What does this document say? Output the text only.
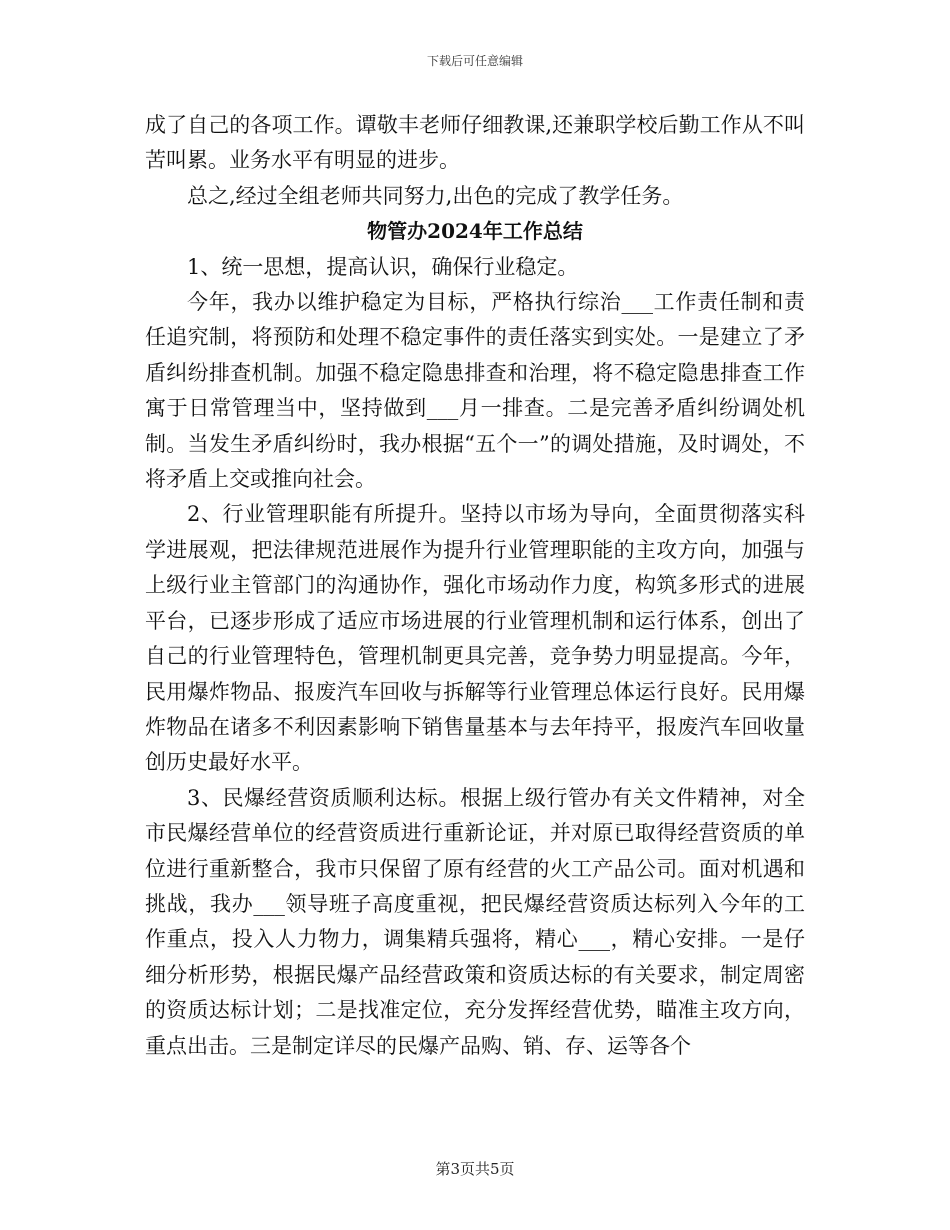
下载后可任意编辑

成了自己的各项工作。谭敬丰老师仔细教课,还兼职学校后勤工作从不叫苦叫累。业务水平有明显的进步。

总之,经过全组老师共同努力,出色的完成了教学任务。

物管办2024年工作总结

1、统一思想，提高认识，确保行业稳定。

今年，我办以维护稳定为目标，严格执行综治___工作责任制和责任追究制，将预防和处理不稳定事件的责任落实到实处。一是建立了矛盾纠纷排查机制。加强不稳定隐患排查和治理，将不稳定隐患排查工作寓于日常管理当中，坚持做到___月一排查。二是完善矛盾纠纷调处机制。当发生矛盾纠纷时，我办根据“五个一”的调处措施，及时调处，不将矛盾上交或推向社会。

2、行业管理职能有所提升。坚持以市场为导向，全面贯彻落实科学进展观，把法律规范进展作为提升行业管理职能的主攻方向，加强与上级行业主管部门的沟通协作，强化市场动作力度，构筑多形式的进展平台，已逐步形成了适应市场进展的行业管理机制和运行体系，创出了自己的行业管理特色，管理机制更具完善，竞争势力明显提高。今年，民用爆炸物品、报废汽车回收与拆解等行业管理总体运行良好。民用爆炸物品在诸多不利因素影响下销售量基本与去年持平，报废汽车回收量创历史最好水平。

3、民爆经营资质顺利达标。根据上级行管办有关文件精神，对全市民爆经营单位的经营资质进行重新论证，并对原已取得经营资质的单位进行重新整合，我市只保留了原有经营的火工产品公司。面对机遇和挑战，我办___领导班子高度重视，把民爆经营资质达标列入今年的工作重点，投入人力物力，调集精兵强将，精心___，精心安排。一是仔细分析形势，根据民爆产品经营政策和资质达标的有关要求，制定周密的资质达标计划；二是找准定位，充分发挥经营优势，瞄准主攻方向，重点出击。三是制定详尽的民爆产品购、销、存、运等各个

第3页共5页
